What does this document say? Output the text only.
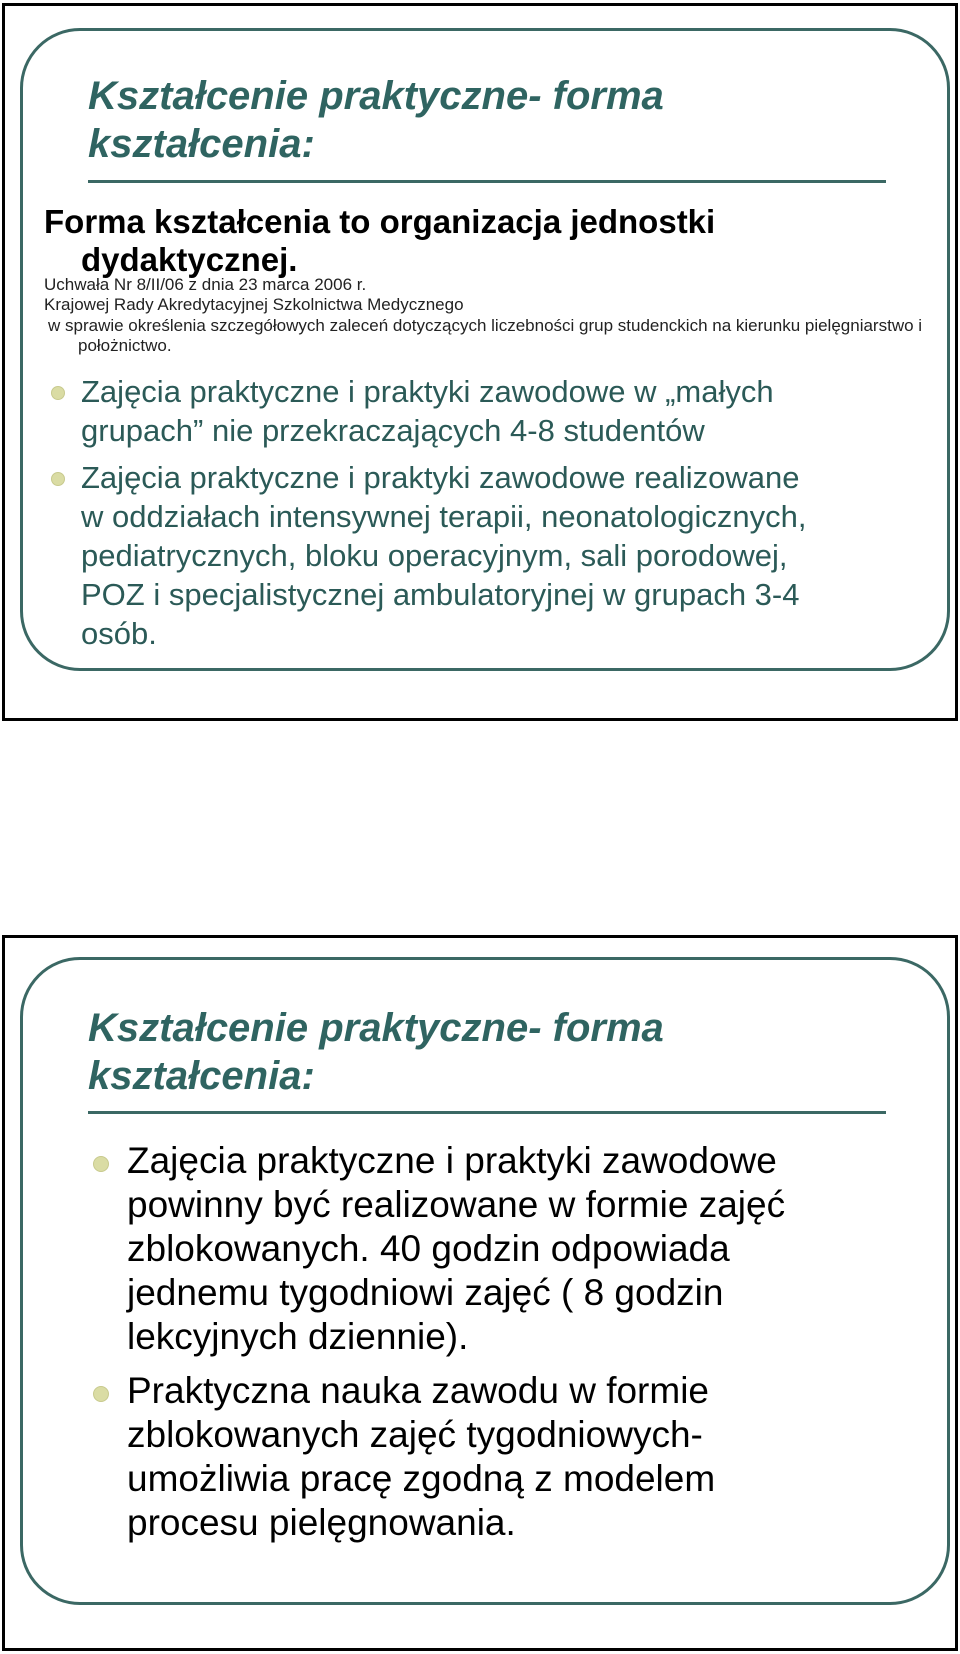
Kształcenie praktyczne- forma
kształcenia:

Forma kształcenia to organizacja jednostki
dydaktycznej.

Uchwała Nr 8/II/06 z dnia 23 marca 2006 r.

Krajowej Rady Akredytacyjnej Szkolnictwa Medycznego

w sprawie określenia szczegółowych zaleceń dotyczących liczebności grup studenckich na kierunku pielęgniarstwo i

położnictwo.

Zajęcia praktyczne i praktyki zawodowe w „małych
grupach” nie przekraczających 4-8 studentów
Zajęcia praktyczne i praktyki zawodowe realizowane
w oddziałach intensywnej terapii, neonatologicznych,
pediatrycznych, bloku operacyjnym, sali porodowej,
POZ i specjalistycznej ambulatoryjnej w grupach 3-4
osób.
Kształcenie praktyczne- forma
kształcenia:
Zajęcia praktyczne i praktyki zawodowe
powinny być realizowane w formie zajęć
zblokowanych. 40 godzin odpowiada
jednemu tygodniowi zajęć ( 8 godzin
lekcyjnych dziennie).
Praktyczna nauka zawodu w formie
zblokowanych zajęć tygodniowych-
umożliwia pracę zgodną z modelem
procesu pielęgnowania.
